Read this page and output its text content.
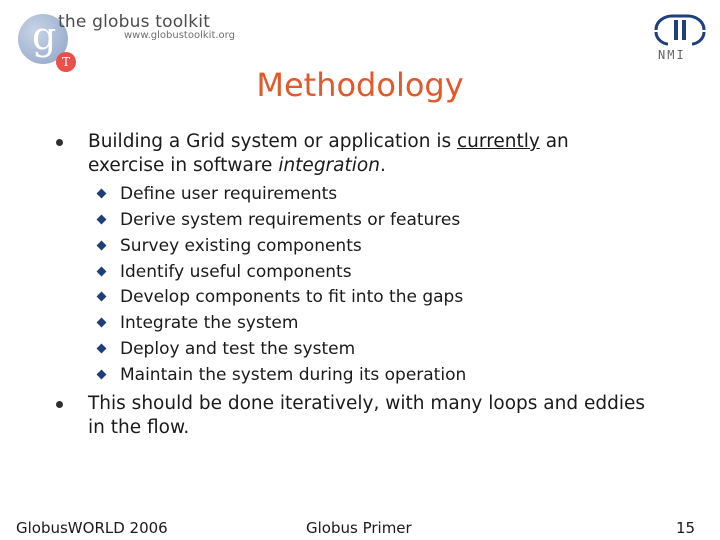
g
T
the globus toolkit
www.globustoolkit.org
NMI
Methodology
Building a Grid system or application is currently an exercise in software integration.
Define user requirements
Derive system requirements or features
Survey existing components
Identify useful components
Develop components to fit into the gaps
Integrate the system
Deploy and test the system
Maintain the system during its operation
This should be done iteratively, with many loops and eddies in the flow.
GlobusWORLD 2006	Globus Primer	15
